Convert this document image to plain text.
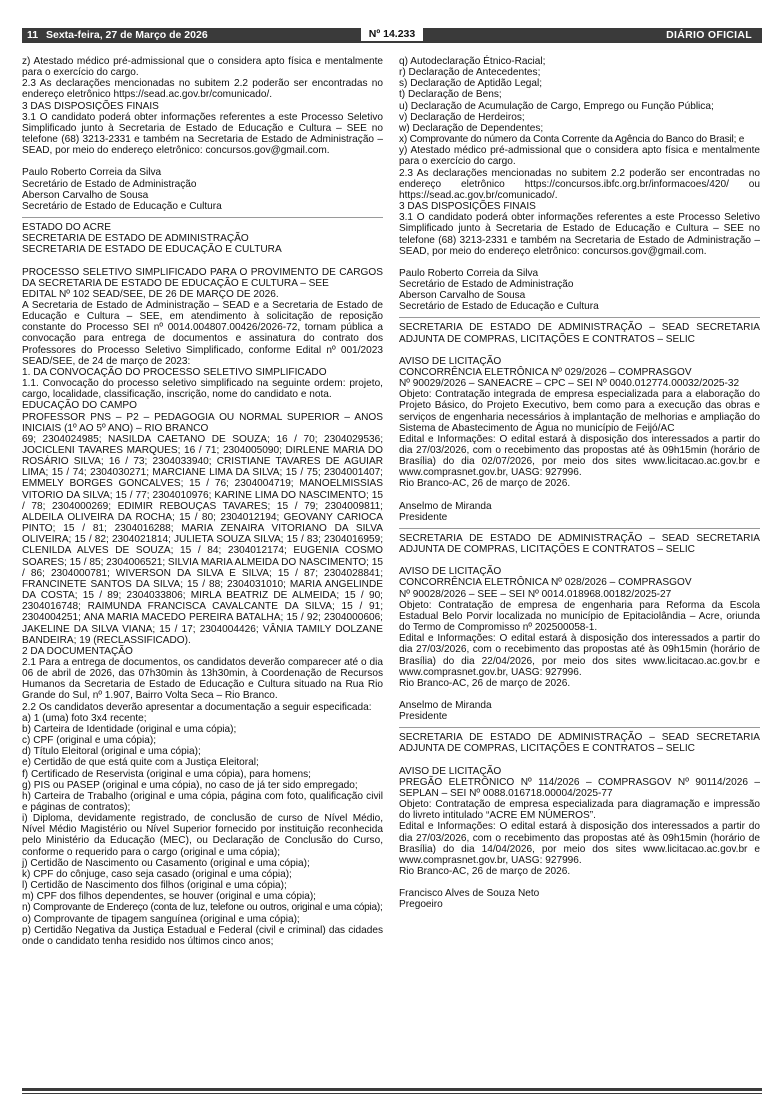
Nº 14.233
11 Sexta-feira, 27 de Março de 2026	DIÁRIO OFICIAL

z) Atestado médico pré-admissional que o considera apto física e mentalmente para o exercício do cargo.

2.3 As declarações mencionadas no subitem 2.2 poderão ser encontradas no endereço eletrônico https://sead.ac.gov.br/comunicado/.

3 DAS DISPOSIÇÕES FINAIS

3.1 O candidato poderá obter informações referentes a este Processo Seletivo Simplificado junto à Secretaria de Estado de Educação e Cultura – SEE no telefone (68) 3213-2331 e também na Secretaria de Estado de Administração – SEAD, por meio do endereço eletrônico: concursos.gov@gmail.com.

Paulo Roberto Correia da Silva

Secretário de Estado de Administração

Aberson Carvalho de Sousa

Secretário de Estado de Educação e Cultura

ESTADO DO ACRE

SECRETARIA DE ESTADO DE ADMINISTRAÇÃO

SECRETARIA DE ESTADO DE EDUCAÇÃO E CULTURA

PROCESSO SELETIVO SIMPLIFICADO PARA O PROVIMENTO DE CARGOS DA SECRETARIA DE ESTADO DE EDUCAÇÃO E CULTURA – SEE

EDITAL Nº 102 SEAD/SEE, DE 26 DE MARÇO DE 2026.

A Secretaria de Estado de Administração – SEAD e a Secretaria de Estado de Educação e Cultura – SEE, em atendimento à solicitação de reposição constante do Processo SEI nº 0014.004807.00426/2026-72, tornam pública a convocação para entrega de documentos e assinatura do contrato dos Professores do Processo Seletivo Simplificado, conforme Edital nº 001/2023 SEAD/SEE, de 24 de março de 2023:

1. DA CONVOCAÇÃO DO PROCESSO SELETIVO SIMPLIFICADO

1.1. Convocação do processo seletivo simplificado na seguinte ordem: projeto, cargo, localidade, classificação, inscrição, nome do candidato e nota.

EDUCAÇÃO DO CAMPO

PROFESSOR PNS – P2 – PEDAGOGIA OU NORMAL SUPERIOR – ANOS INICIAIS (1º AO 5º ANO) – RIO BRANCO

69; 2304024985; NASILDA CAETANO DE SOUZA; 16 / 70; 2304029536; JOCICLENI TAVARES MARQUES; 16 / 71; 2304005090; DIRLENE MARIA DO ROSÁRIO SILVA; 16 / 73; 2304033940; CRISTIANE TAVARES DE AGUIAR LIMA; 15 / 74; 2304030271; MARCIANE LIMA DA SILVA; 15 / 75; 2304001407; EMMELY BORGES GONCALVES; 15 / 76; 2304004719; MANOELMISSIAS VITORIO DA SILVA; 15 / 77; 2304010976; KARINE LIMA DO NASCIMENTO; 15 / 78; 2304000269; EDIMIR REBOUÇAS TAVARES; 15 / 79; 2304009811; ALDEILA OLIVEIRA DA ROCHA; 15 / 80; 2304012194; GEOVANY CARIOCA PINTO; 15 / 81; 2304016288; MARIA ZENAIRA VITORIANO DA SILVA OLIVEIRA; 15 / 82; 2304021814; JULIETA SOUZA SILVA; 15 / 83; 2304016959; CLENILDA ALVES DE SOUZA; 15 / 84; 2304012174; EUGENIA COSMO SOARES; 15 / 85; 2304006521; SILVIA MARIA ALMEIDA DO NASCIMENTO; 15 / 86; 2304000781; WIVERSON DA SILVA E SILVA; 15 / 87; 2304028841; FRANCINETE SANTOS DA SILVA; 15 / 88; 2304031010; MARIA ANGELINDE DA COSTA; 15 / 89; 2304033806; MIRLA BEATRIZ DE ALMEIDA; 15 / 90; 2304016748; RAIMUNDA FRANCISCA CAVALCANTE DA SILVA; 15 / 91; 2304004251; ANA MARIA MACEDO PEREIRA BATALHA; 15 / 92; 2304000606; JAKELINE DA SILVA VIANA; 15 / 17; 2304004426; VÂNIA TAMILY DOLZANE BANDEIRA; 19 (RECLASSIFICADO).

2 DA DOCUMENTAÇÃO

2.1 Para a entrega de documentos, os candidatos deverão comparecer até o dia 06 de abril de 2026, das 07h30min às 13h30min, à Coordenação de Recursos Humanos da Secretaria de Estado de Educação e Cultura situado na Rua Rio Grande do Sul, nº 1.907, Bairro Volta Seca – Rio Branco.

2.2 Os candidatos deverão apresentar a documentação a seguir especificada:

a) 1 (uma) foto 3x4 recente;

b) Carteira de Identidade (original e uma cópia);

c) CPF (original e uma cópia);

d) Título Eleitoral (original e uma cópia);

e) Certidão de que está quite com a Justiça Eleitoral;

f) Certificado de Reservista (original e uma cópia), para homens;

g) PIS ou PASEP (original e uma cópia), no caso de já ter sido empregado;

h) Carteira de Trabalho (original e uma cópia, página com foto, qualificação civil e páginas de contratos);

i) Diploma, devidamente registrado, de conclusão de curso de Nível Médio, Nível Médio Magistério ou Nível Superior fornecido por instituição reconhecida pelo Ministério da Educação (MEC), ou Declaração de Conclusão do Curso, conforme o requerido para o cargo (original e uma cópia);

j) Certidão de Nascimento ou Casamento (original e uma cópia);

k) CPF do cônjuge, caso seja casado (original e uma cópia);

l) Certidão de Nascimento dos filhos (original e uma cópia);

m) CPF dos filhos dependentes, se houver (original e uma cópia);

n) Comprovante de Endereço (conta de luz, telefone ou outros, original e uma cópia);

o) Comprovante de tipagem sanguínea (original e uma cópia);

p) Certidão Negativa da Justiça Estadual e Federal (civil e criminal) das cidades onde o candidato tenha residido nos últimos cinco anos;

q) Autodeclaração Étnico-Racial;

r) Declaração de Antecedentes;

s) Declaração de Aptidão Legal;

t) Declaração de Bens;

u) Declaração de Acumulação de Cargo, Emprego ou Função Pública;

v) Declaração de Herdeiros;

w) Declaração de Dependentes;

x) Comprovante do número da Conta Corrente da Agência do Banco do Brasil; e

y) Atestado médico pré-admissional que o considera apto física e mentalmente para o exercício do cargo.

2.3 As declarações mencionadas no subitem 2.2 poderão ser encontradas no endereço eletrônico https://concursos.ibfc.org.br/informacoes/420/ ou https://sead.ac.gov.br/comunicado/.

3 DAS DISPOSIÇÕES FINAIS

3.1 O candidato poderá obter informações referentes a este Processo Seletivo Simplificado junto à Secretaria de Estado de Educação e Cultura – SEE no telefone (68) 3213-2331 e também na Secretaria de Estado de Administração – SEAD, por meio do endereço eletrônico: concursos.gov@gmail.com.

Paulo Roberto Correia da Silva

Secretário de Estado de Administração

Aberson Carvalho de Sousa

Secretário de Estado de Educação e Cultura

SECRETARIA DE ESTADO DE ADMINISTRAÇÃO – SEAD SECRETARIA ADJUNTA DE COMPRAS, LICITAÇÕES E CONTRATOS – SELIC

AVISO DE LICITAÇÃO

CONCORRÊNCIA ELETRÔNICA Nº 029/2026 – COMPRASGOV

Nº 90029/2026 – SANEACRE – CPC – SEI Nº 0040.012774.00032/2025-32

Objeto: Contratação integrada de empresa especializada para a elaboração do Projeto Básico, do Projeto Executivo, bem como para a execução das obras e serviços de engenharia necessários à implantação de melhorias e ampliação do Sistema de Abastecimento de Água no município de Feijó/AC

Edital e Informações: O edital estará à disposição dos interessados a partir do dia 27/03/2026, com o recebimento das propostas até às 09h15min (horário de Brasília) do dia 02/07/2026, por meio dos sites www.licitacao.ac.gov.br e www.comprasnet.gov.br, UASG: 927996.

Rio Branco-AC, 26 de março de 2026.

Anselmo de Miranda

Presidente

SECRETARIA DE ESTADO DE ADMINISTRAÇÃO – SEAD SECRETARIA ADJUNTA DE COMPRAS, LICITAÇÕES E CONTRATOS – SELIC

AVISO DE LICITAÇÃO

CONCORRÊNCIA ELETRÔNICA Nº 028/2026 – COMPRASGOV

Nº 90028/2026 – SEE – SEI Nº 0014.018968.00182/2025-27

Objeto: Contratação de empresa de engenharia para Reforma da Escola Estadual Belo Porvir localizada no município de Epitaciolândia – Acre, oriunda do Termo de Compromisso nº 202500058-1.

Edital e Informações: O edital estará à disposição dos interessados a partir do dia 27/03/2026, com o recebimento das propostas até às 09h15min (horário de Brasília) do dia 22/04/2026, por meio dos sites www.licitacao.ac.gov.br e www.comprasnet.gov.br, UASG: 927996.

Rio Branco-AC, 26 de março de 2026.

Anselmo de Miranda

Presidente

SECRETARIA DE ESTADO DE ADMINISTRAÇÃO – SEAD SECRETARIA ADJUNTA DE COMPRAS, LICITAÇÕES E CONTRATOS – SELIC

AVISO DE LICITAÇÃO

PREGÃO ELETRÔNICO Nº 114/2026 – COMPRASGOV Nº 90114/2026 – SEPLAN – SEI Nº 0088.016718.00004/2025-77

Objeto: Contratação de empresa especializada para diagramação e impressão do livreto intitulado “ACRE EM NÚMEROS”.

Edital e Informações: O edital estará à disposição dos interessados a partir do dia 27/03/2026, com o recebimento das propostas até às 09h15min (horário de Brasília) do dia 14/04/2026, por meio dos sites www.licitacao.ac.gov.br e www.comprasnet.gov.br, UASG: 927996.

Rio Branco-AC, 26 de março de 2026.

Francisco Alves de Souza Neto

Pregoeiro
